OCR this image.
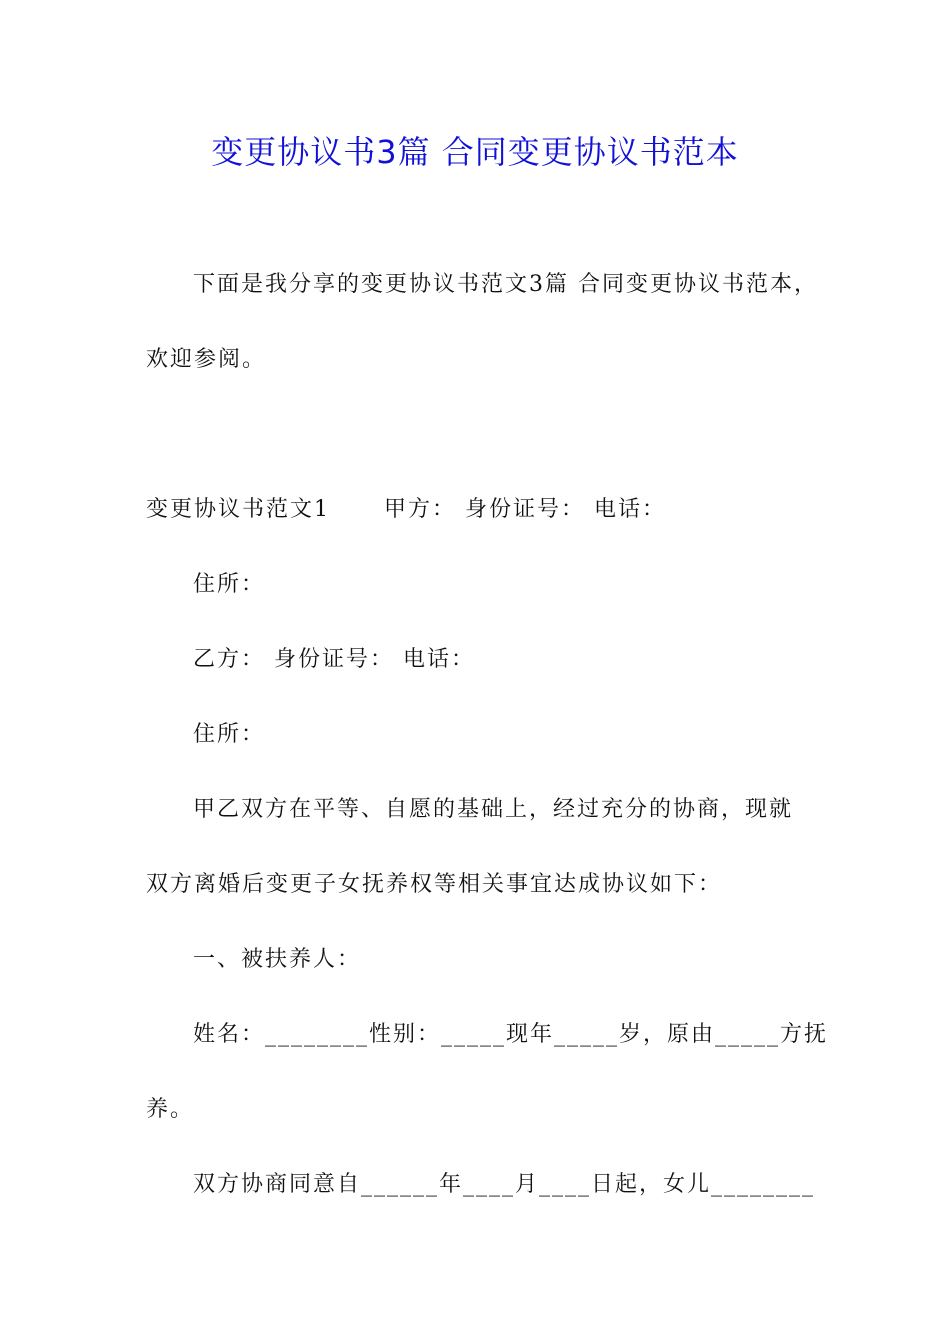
变更协议书3篇 合同变更协议书范本
下面是我分享的变更协议书范文3篇 合同变更协议书范本，
欢迎参阅。
变更协议书范文1 甲方： 身份证号： 电话：
住所：
乙方： 身份证号： 电话：
住所：
甲乙双方在平等、自愿的基础上，经过充分的协商，现就
双方离婚后变更子女抚养权等相关事宜达成协议如下：
一、被扶养人：
姓名：________性别：_____现年_____岁，原由_____方抚
养。
双方协商同意自______年____月____日起，女儿________
